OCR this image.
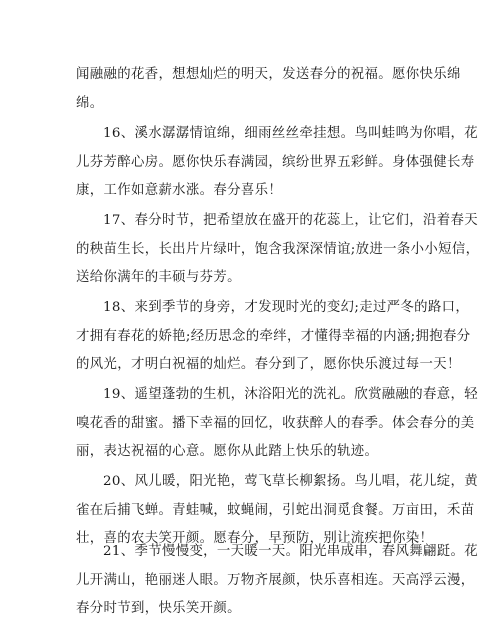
闻融融的花香，想想灿烂的明天，发送春分的祝福。愿你快乐绵
绵。
16、溪水潺潺情谊绵，细雨丝丝牵挂想。鸟叫蛙鸣为你唱，花
儿芬芳醉心房。愿你快乐春满园，缤纷世界五彩鲜。身体强健长寿
康，工作如意薪水涨。春分喜乐！
17、春分时节，把希望放在盛开的花蕊上，让它们，沿着春天
的秧苗生长，长出片片绿叶，饱含我深深情谊;放进一条小小短信，
送给你满年的丰硕与芬芳。
18、来到季节的身旁，才发现时光的变幻;走过严冬的路口，
才拥有春花的娇艳;经历思念的牵绊，才懂得幸福的内涵;拥抱春分
的风光，才明白祝福的灿烂。春分到了，愿你快乐渡过每一天！
19、遥望蓬勃的生机，沐浴阳光的洗礼。欣赏融融的春意，轻
嗅花香的甜蜜。播下幸福的回忆，收获醉人的春季。体会春分的美
丽，表达祝福的心意。愿你从此踏上快乐的轨迹。
20、风儿暖，阳光艳，莺飞草长柳絮扬。鸟儿唱，花儿绽，黄
雀在后捕飞蝉。青蛙喊，蚊蝇闹，引蛇出洞觅食餐。万亩田，禾苗
壮，喜的农夫笑开颜。愿春分，早预防，别让流疾把你染！
21、季节慢慢变，一天暖一天。阳光串成串，春风舞翩跹。花
儿开满山，艳丽迷人眼。万物齐展颜，快乐喜相连。天高浮云漫，
春分时节到，快乐笑开颜。
